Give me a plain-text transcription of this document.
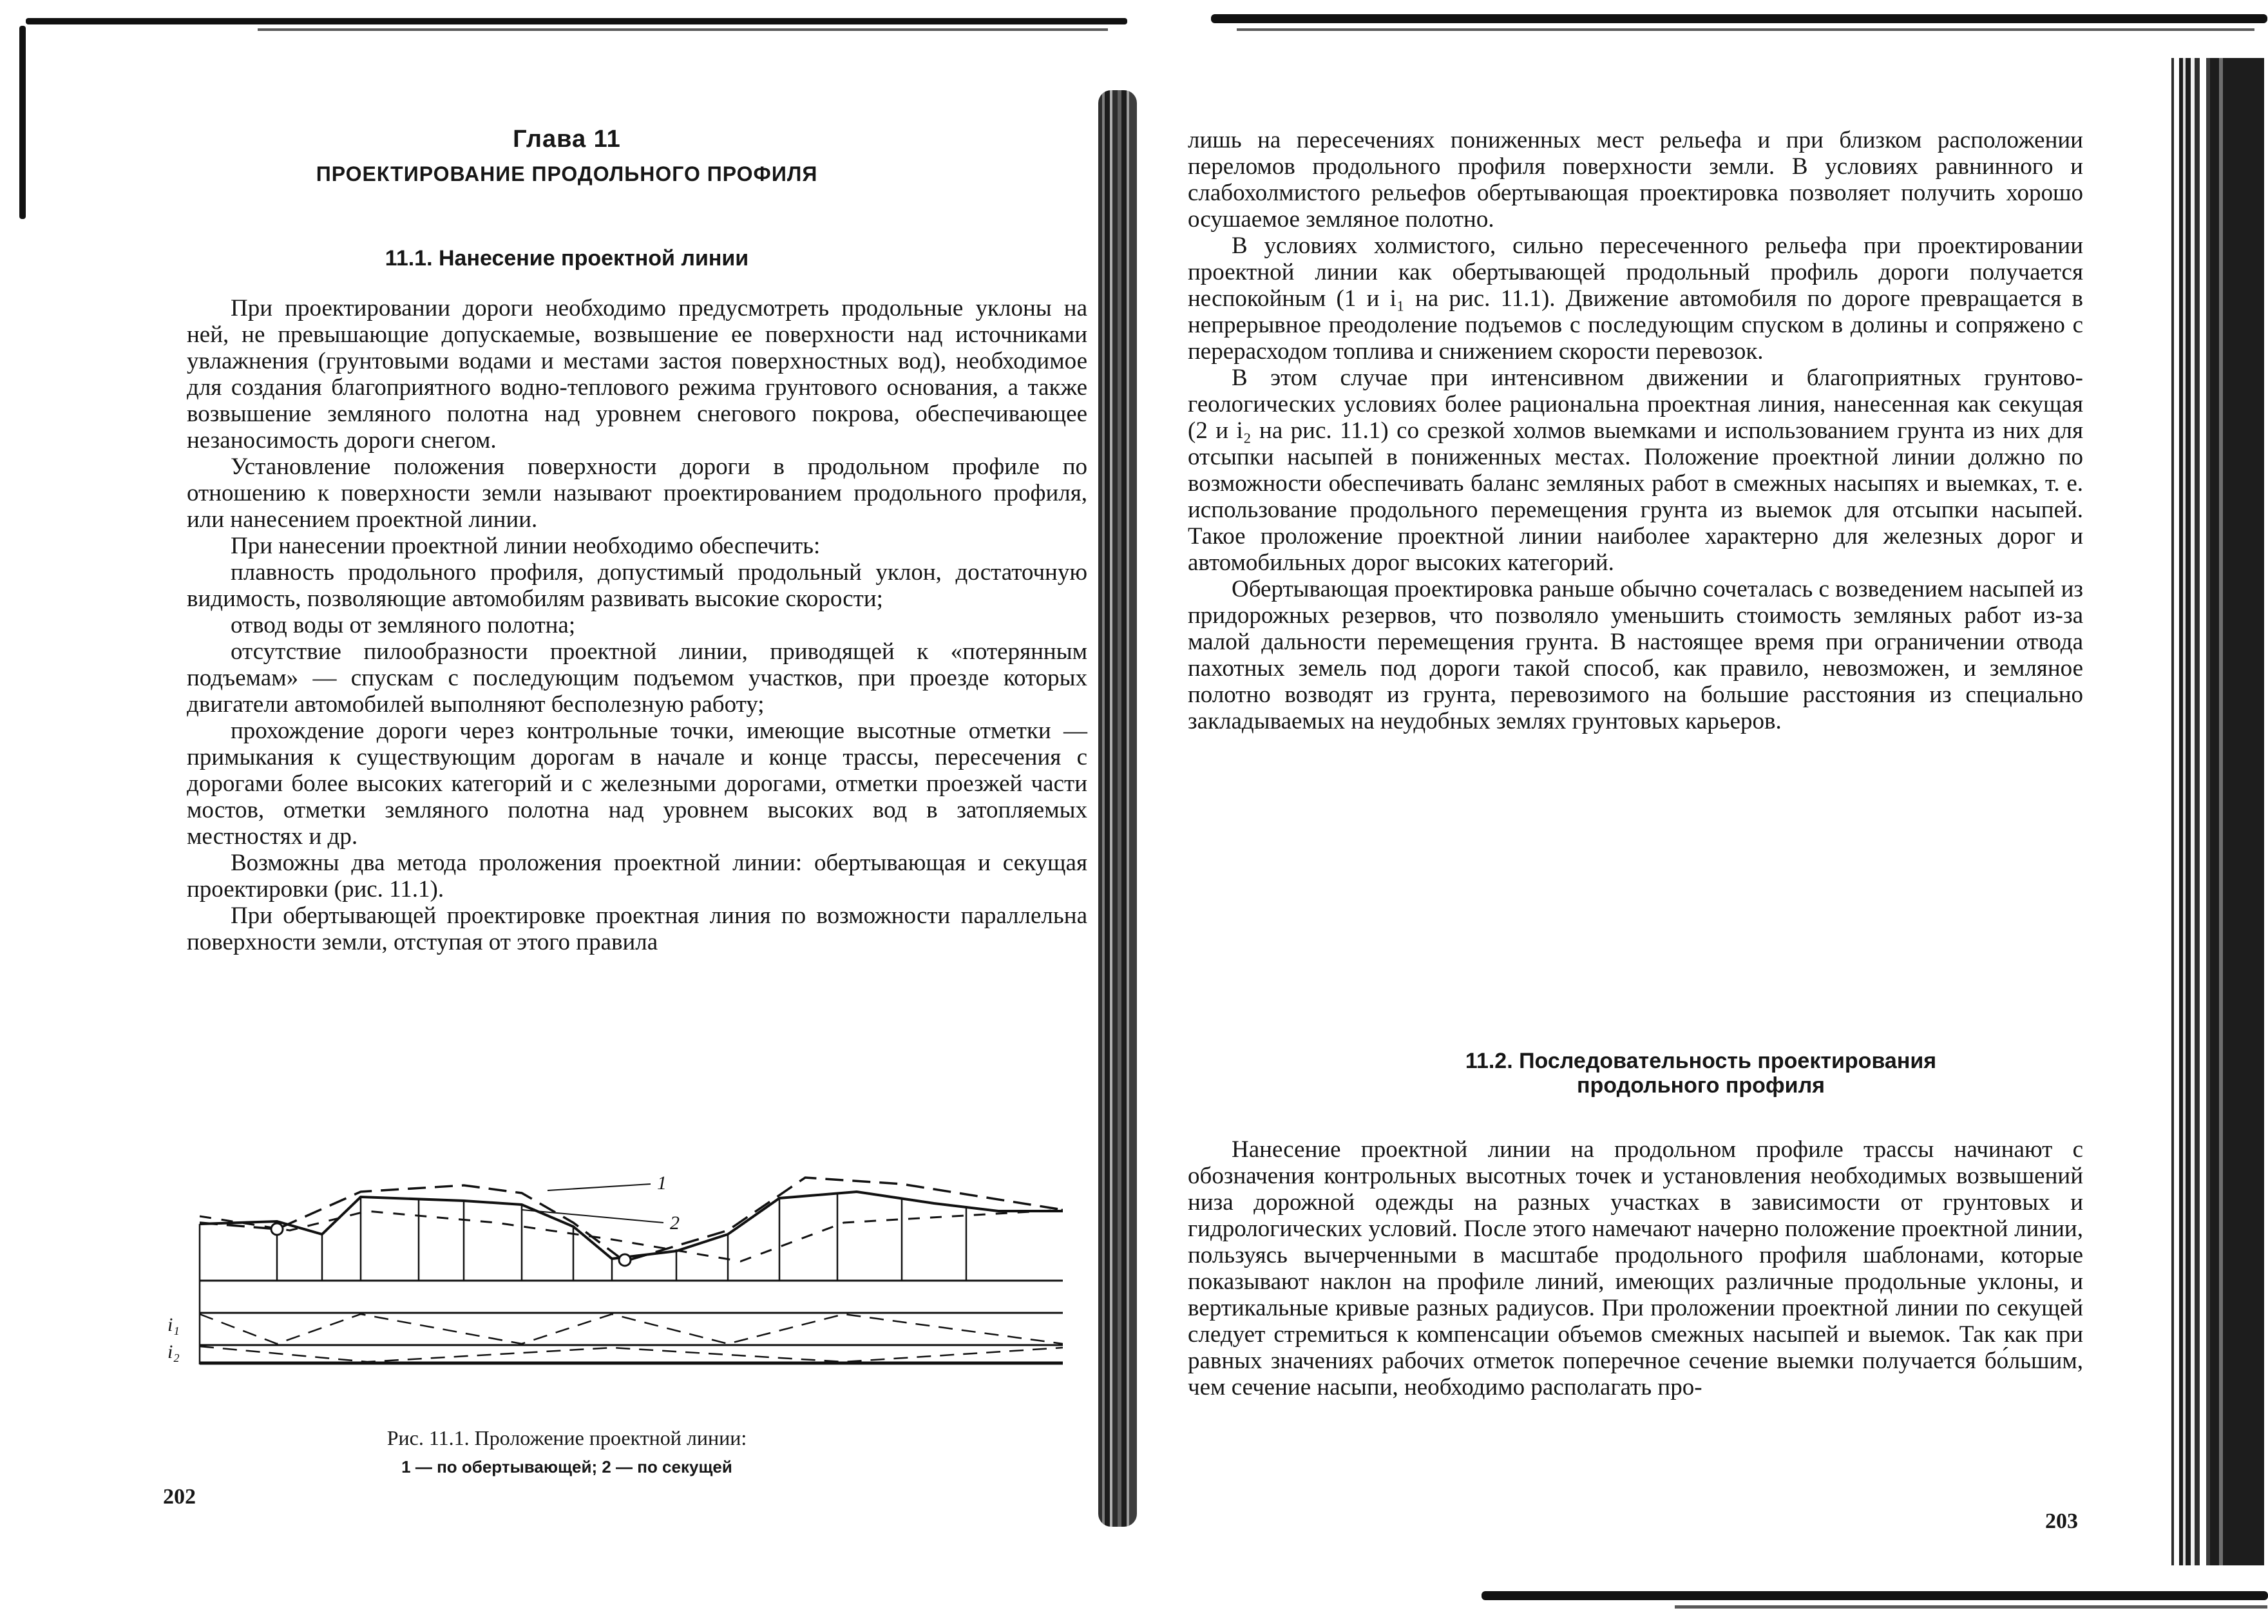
Глава 11
ПРОЕКТИРОВАНИЕ ПРОДОЛЬНОГО ПРОФИЛЯ
11.1. Нанесение проектной линии

При проектировании дороги необходимо предусмотреть продольные уклоны на ней, не превышающие допускаемые, возвышение ее поверхности над источниками увлажнения (грунтовыми водами и местами застоя поверхностных вод), необходимое для создания благоприятного водно-теплового режима грунтового основания, а также возвышение земляного полотна над уровнем снегового покрова, обеспечивающее незаносимость дороги снегом.

Установление положения поверхности дороги в продольном профиле по отношению к поверхности земли называют проектированием продольного профиля, или нанесением проектной линии.

При нанесении проектной линии необходимо обеспечить:

плавность продольного профиля, допустимый продольный уклон, достаточную видимость, позволяющие автомобилям развивать высокие скорости;

отвод воды от земляного полотна;

отсутствие пилообразности проектной линии, приводящей к «потерянным подъемам» — спускам с последующим подъемом участков, при проезде которых двигатели автомобилей выполняют бесполезную работу;

прохождение дороги через контрольные точки, имеющие высотные отметки — примыкания к существующим дорогам в начале и конце трассы, пересечения с дорогами более высоких категорий и с железными дорогами, отметки проезжей части мостов, отметки земляного полотна над уровнем высоких вод в затопляемых местностях и др.

Возможны два метода проложения проектной линии: обертывающая и секущая проектировки (рис. 11.1).

При обертывающей проектировке проектная линия по возможности параллельна поверхности земли, отступая от этого правила

1
2
i₁
i₂
Рис. 11.1. Проложение проектной линии:
1 — по обертывающей; 2 — по секущей
202

лишь на пересечениях пониженных мест рельефа и при близком расположении переломов продольного профиля поверхности земли. В условиях равнинного и слабохолмистого рельефов обертывающая проектировка позволяет получить хорошо осушаемое земляное полотно.

В условиях холмистого, сильно пересеченного рельефа при проектировании проектной линии как обертывающей продольный профиль дороги получается неспокойным (1 и i₁ на рис. 11.1). Движение автомобиля по дороге превращается в непрерывное преодоление подъемов с последующим спуском в долины и сопряжено с перерасходом топлива и снижением скорости перевозок.

В этом случае при интенсивном движении и благоприятных грунтово-геологических условиях более рациональна проектная линия, нанесенная как секущая (2 и i₂ на рис. 11.1) со срезкой холмов выемками и использованием грунта из них для отсыпки насыпей в пониженных местах. Положение проектной линии должно по возможности обеспечивать баланс земляных работ в смежных насыпях и выемках, т. е. использование продольного перемещения грунта из выемок для отсыпки насыпей. Такое проложение проектной линии наиболее характерно для железных дорог и автомобильных дорог высоких категорий.

Обертывающая проектировка раньше обычно сочеталась с возведением насыпей из придорожных резервов, что позволяло уменьшить стоимость земляных работ из-за малой дальности перемещения грунта. В настоящее время при ограничении отвода пахотных земель под дороги такой способ, как правило, невозможен, и земляное полотно возводят из грунта, перевозимого на большие расстояния из специально закладываемых на неудобных землях грунтовых карьеров.

11.2. Последовательность проектирования
продольного профиля

Нанесение проектной линии на продольном профиле трассы начинают с обозначения контрольных высотных точек и установления необходимых возвышений низа дорожной одежды на разных участках в зависимости от грунтовых и гидрологических условий. После этого намечают начерно положение проектной линии, пользуясь вычерченными в масштабе продольного профиля шаблонами, которые показывают наклон на профиле линий, имеющих различные продольные уклоны, и вертикальные кривые разных радиусов. При проложении проектной линии по секущей следует стремиться к компенсации объемов смежных насыпей и выемок. Так как при равных значениях рабочих отметок поперечное сечение выемки получается бо́льшим, чем сечение насыпи, необходимо располагать про-

203
